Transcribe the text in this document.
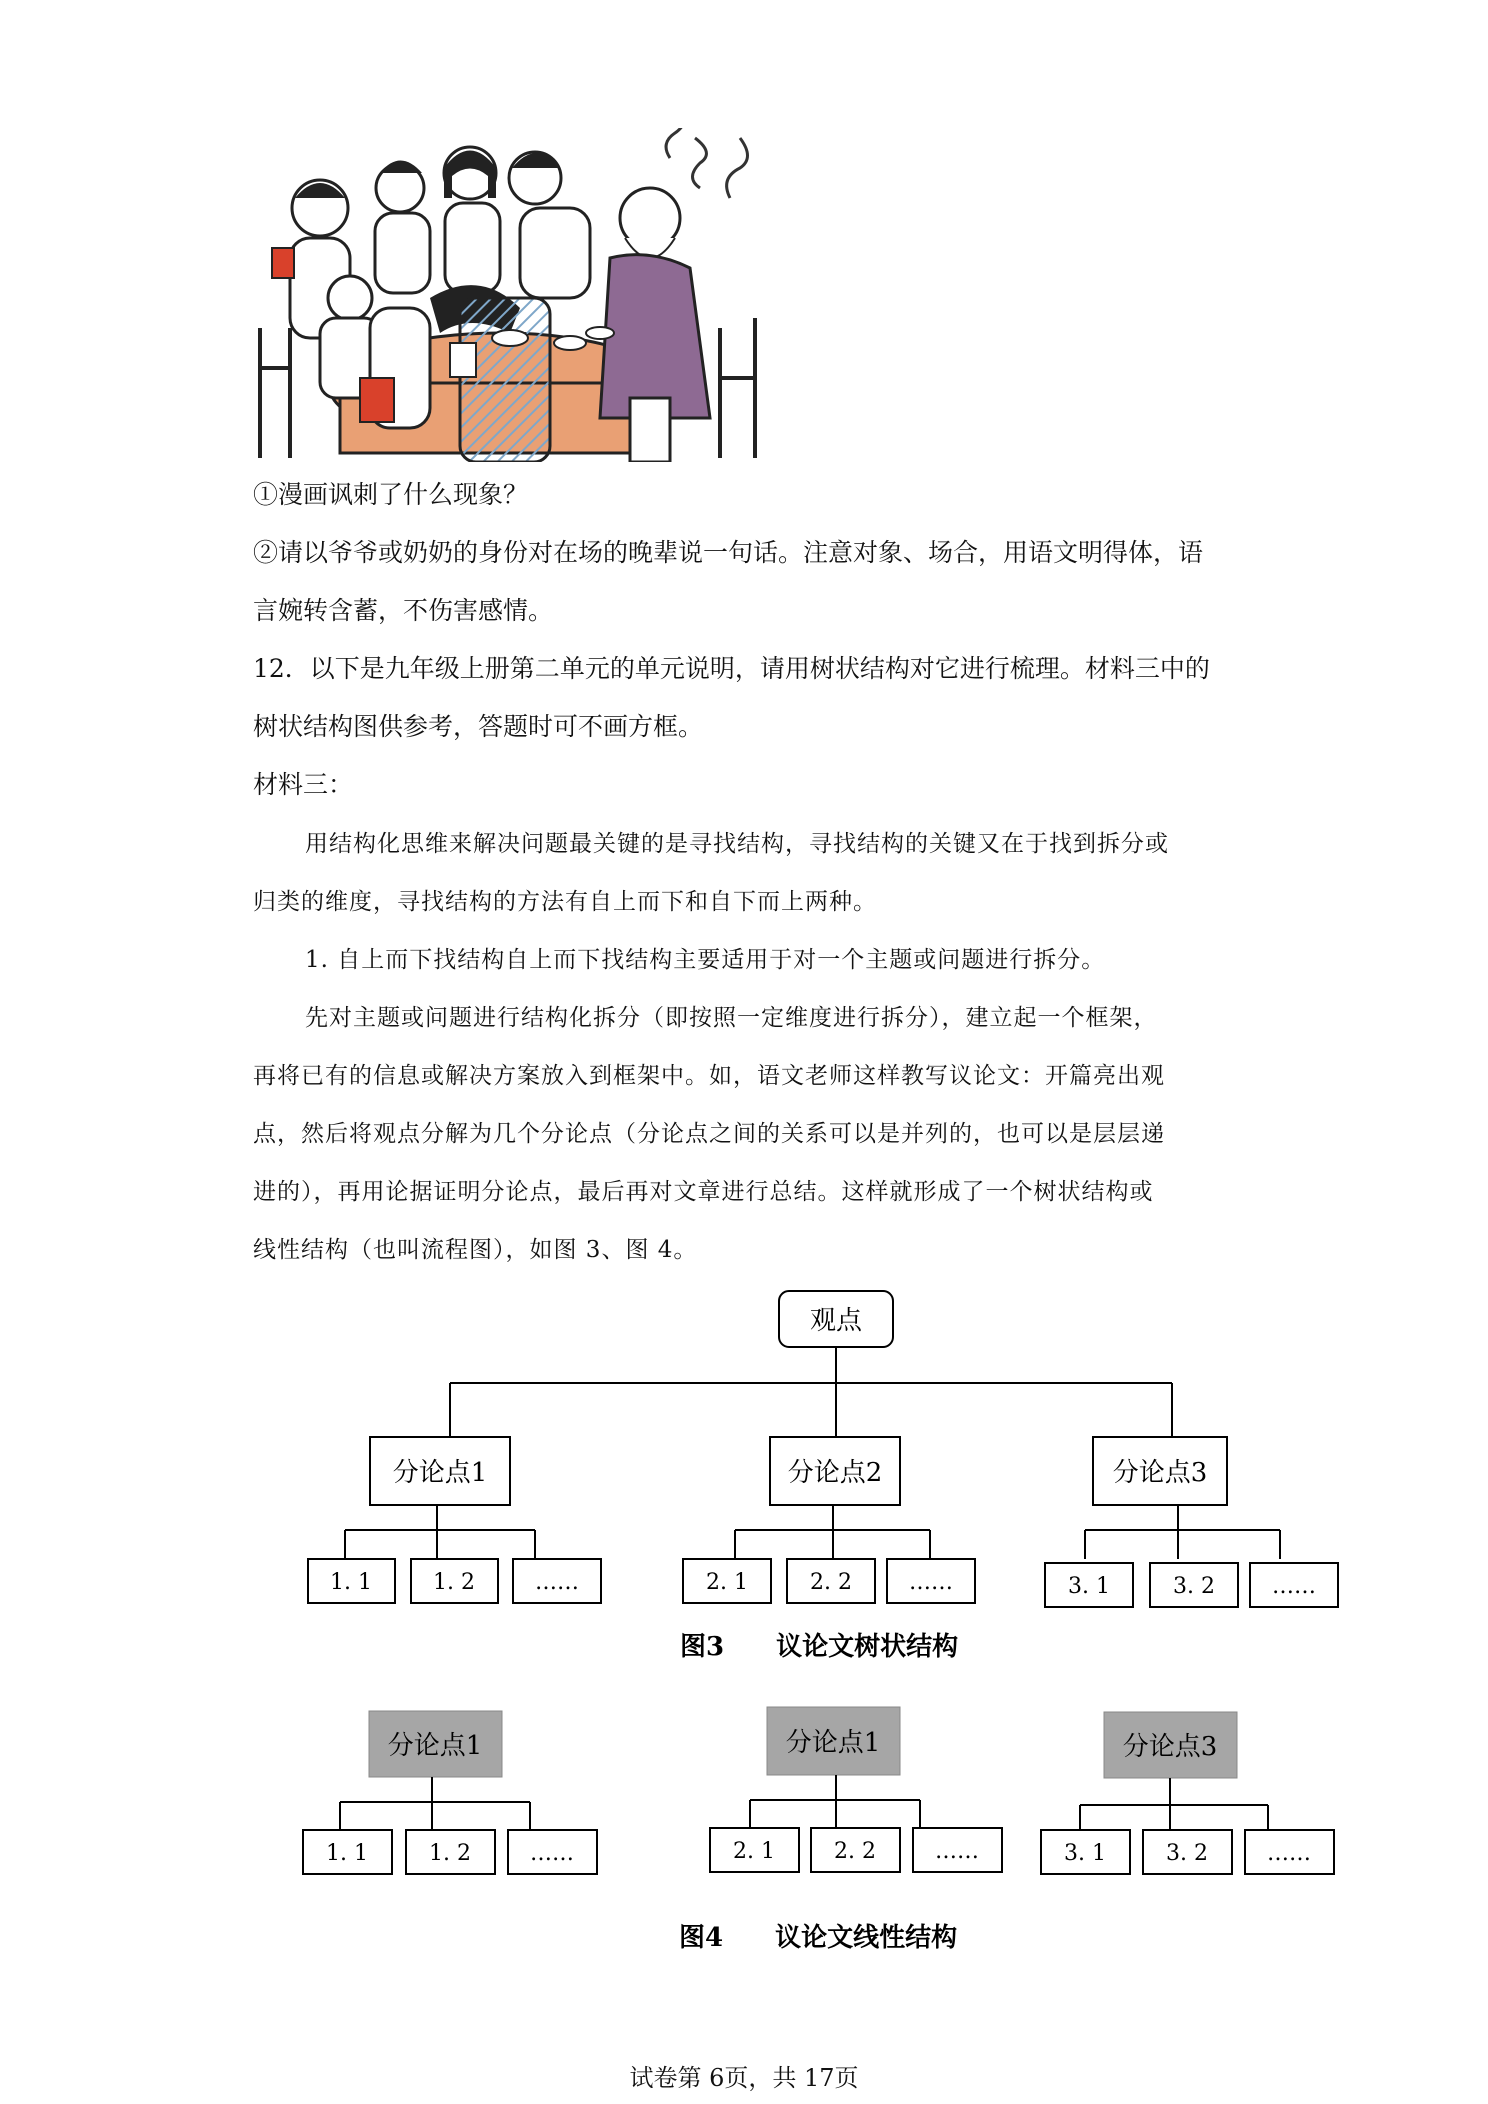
①漫画讽刺了什么现象？
②请以爷爷或奶奶的身份对在场的晚辈说一句话。注意对象、场合，用语文明得体，语
言婉转含蓄，不伤害感情。
12．以下是九年级上册第二单元的单元说明，请用树状结构对它进行梳理。材料三中的
树状结构图供参考，答题时可不画方框。
材料三：
用结构化思维来解决问题最关键的是寻找结构，寻找结构的关键又在于找到拆分或
归类的维度，寻找结构的方法有自上而下和自下而上两种。
1. 自上而下找结构自上而下找结构主要适用于对一个主题或问题进行拆分。
先对主题或问题进行结构化拆分（即按照一定维度进行拆分），建立起一个框架，
再将已有的信息或解决方案放入到框架中。如，语文老师这样教写议论文：开篇亮出观
点，然后将观点分解为几个分论点（分论点之间的关系可以是并列的，也可以是层层递
进的），再用论据证明分论点，最后再对文章进行总结。这样就形成了一个树状结构或
线性结构（也叫流程图），如图 3、图 4。
观点
分论点1	分论点2	分论点3
1. 1	1. 2	……	2. 1	2. 2	……	3. 1	3. 2	……
图3　　议论文树状结构
分论点1	分论点1	分论点3
1. 1	1. 2	……	2. 1	2. 2	……	3. 1	3. 2	……
图4　　议论文线性结构
试卷第 6页，共 17页
